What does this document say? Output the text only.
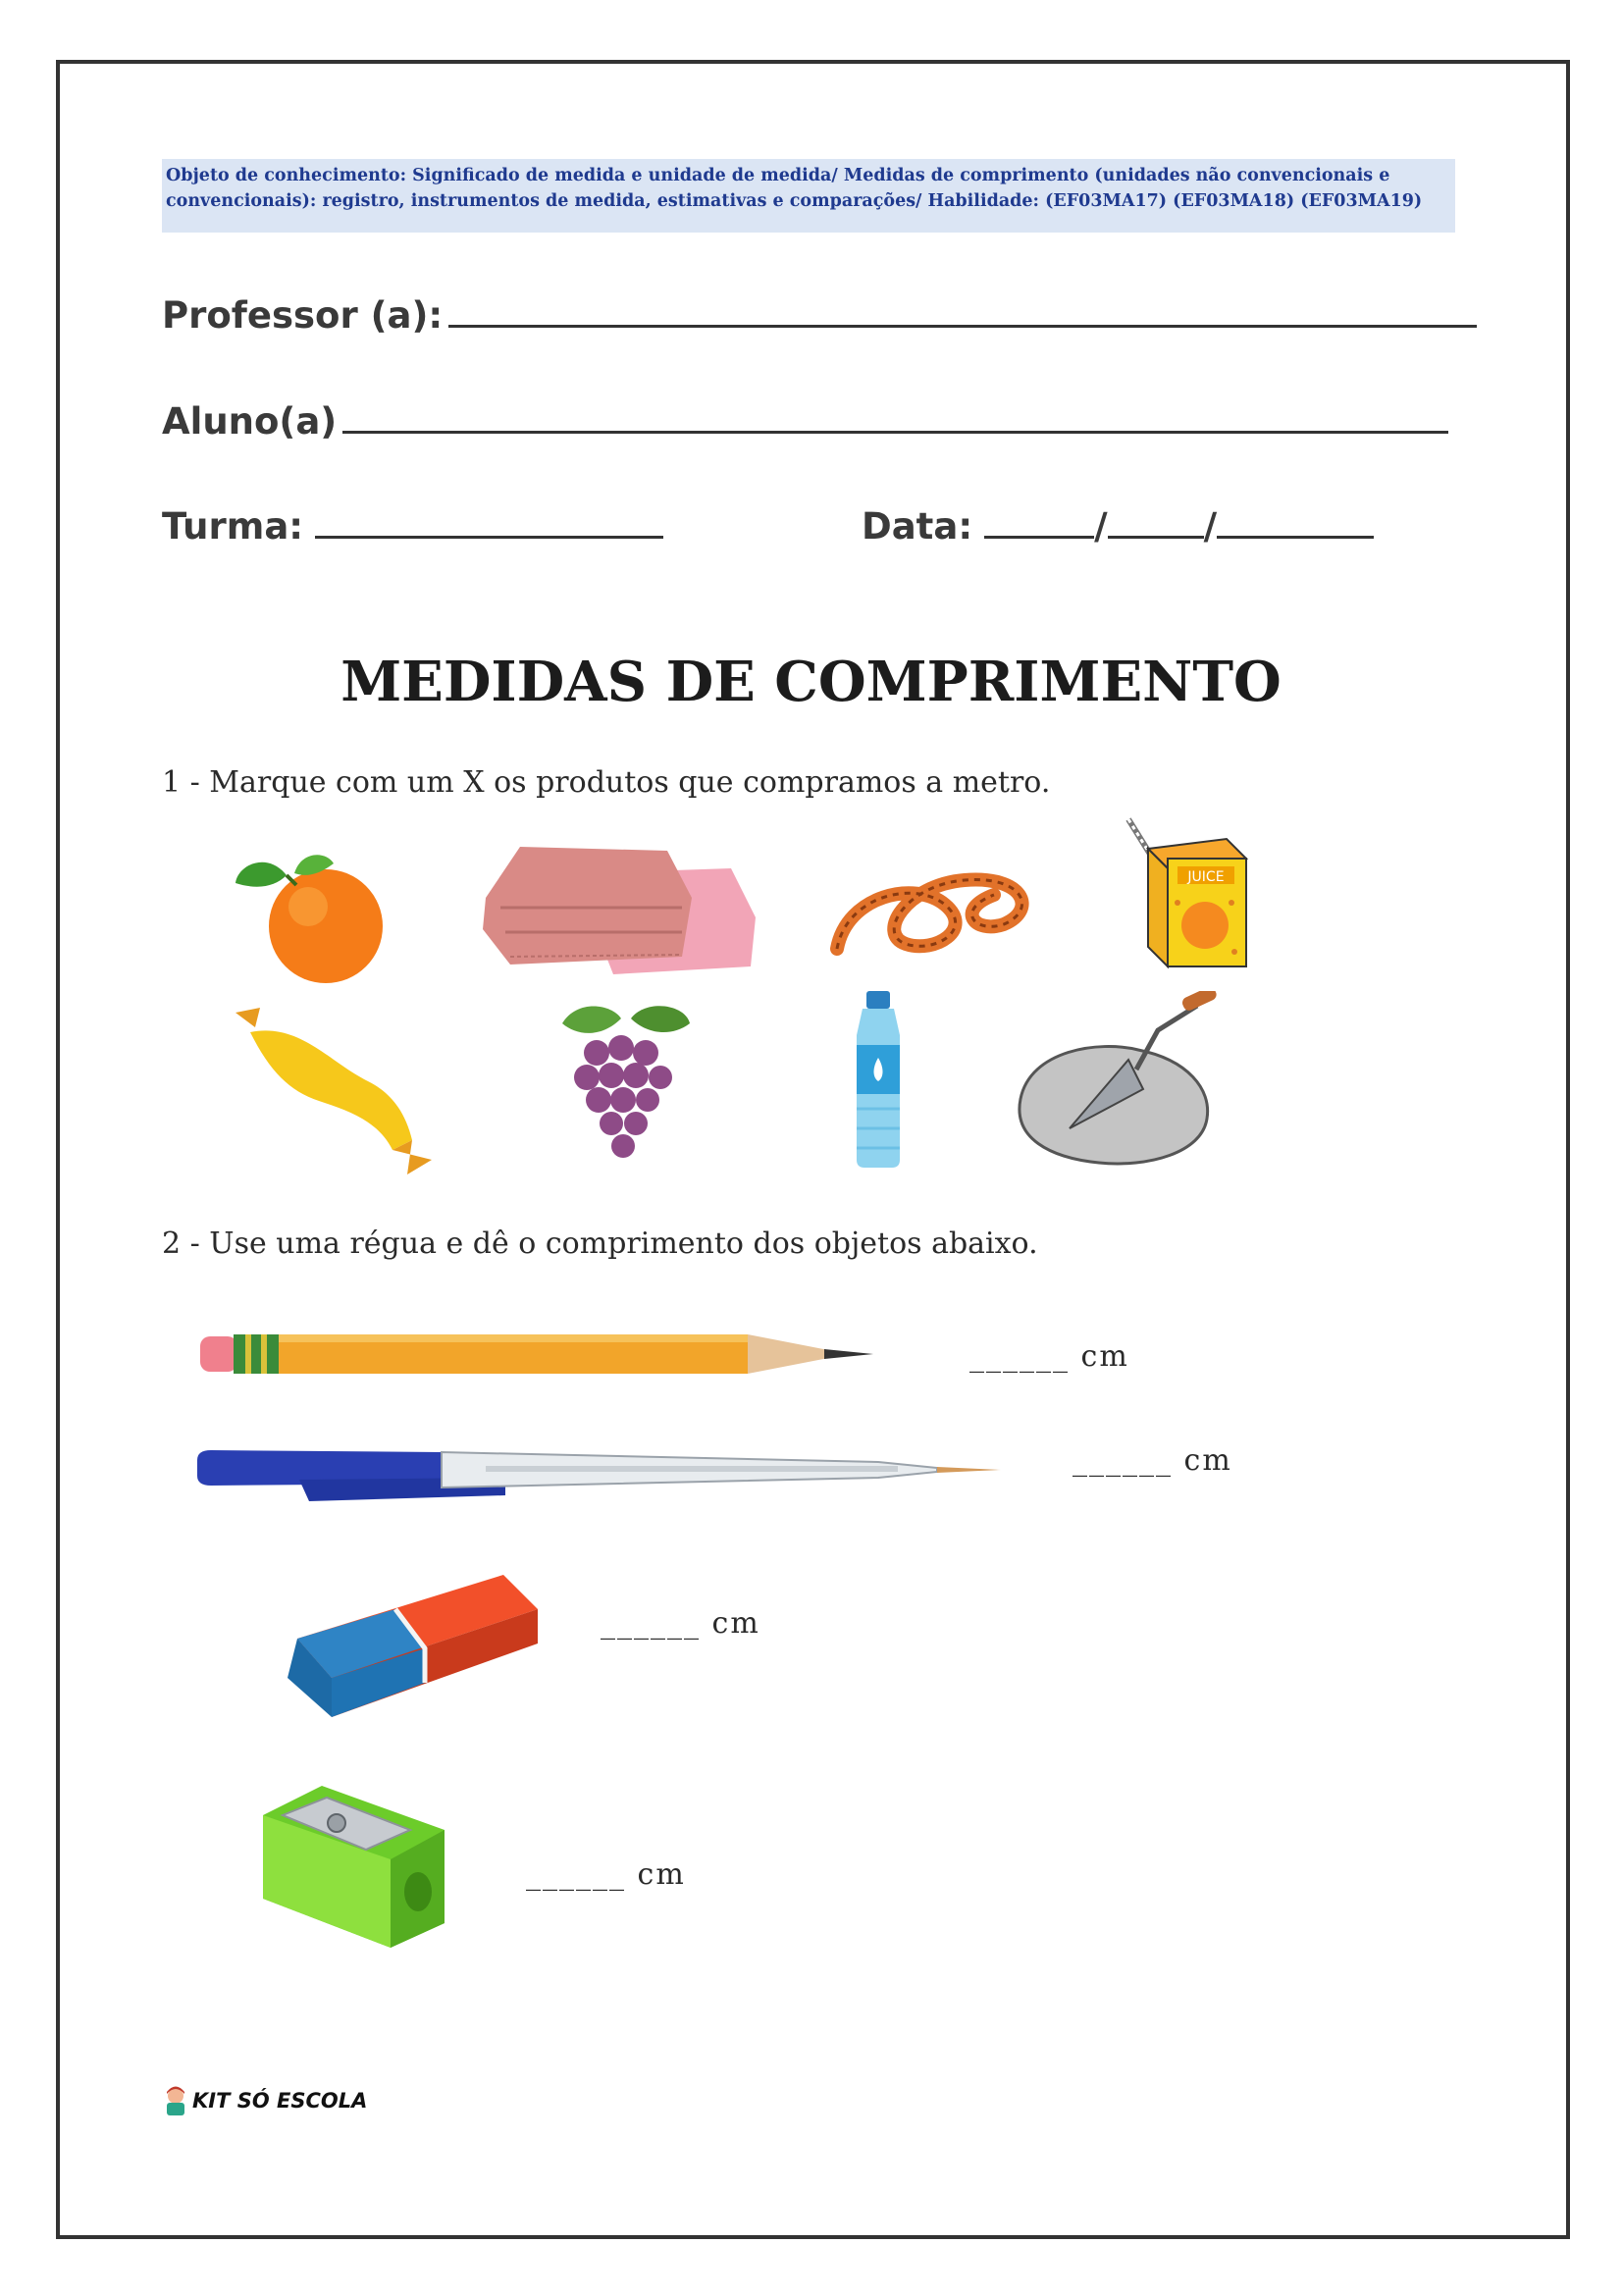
Objeto de conhecimento: Significado de medida e unidade de medida/ Medidas de comprimento (unidades não convencionais e convencionais): registro, instrumentos de medida, estimativas e comparações/ Habilidade: (EF03MA17) (EF03MA18) (EF03MA19)
Professor (a):
Aluno(a)
Turma:	Data:	/	/
MEDIDAS DE COMPRIMENTO
1 - Marque com um X os produtos que compramos a metro.
JUICE
2 - Use uma régua e dê o comprimento dos objetos abaixo.
______ cm
______ cm
______ cm
______ cm
KIT SÓ ESCOLA
